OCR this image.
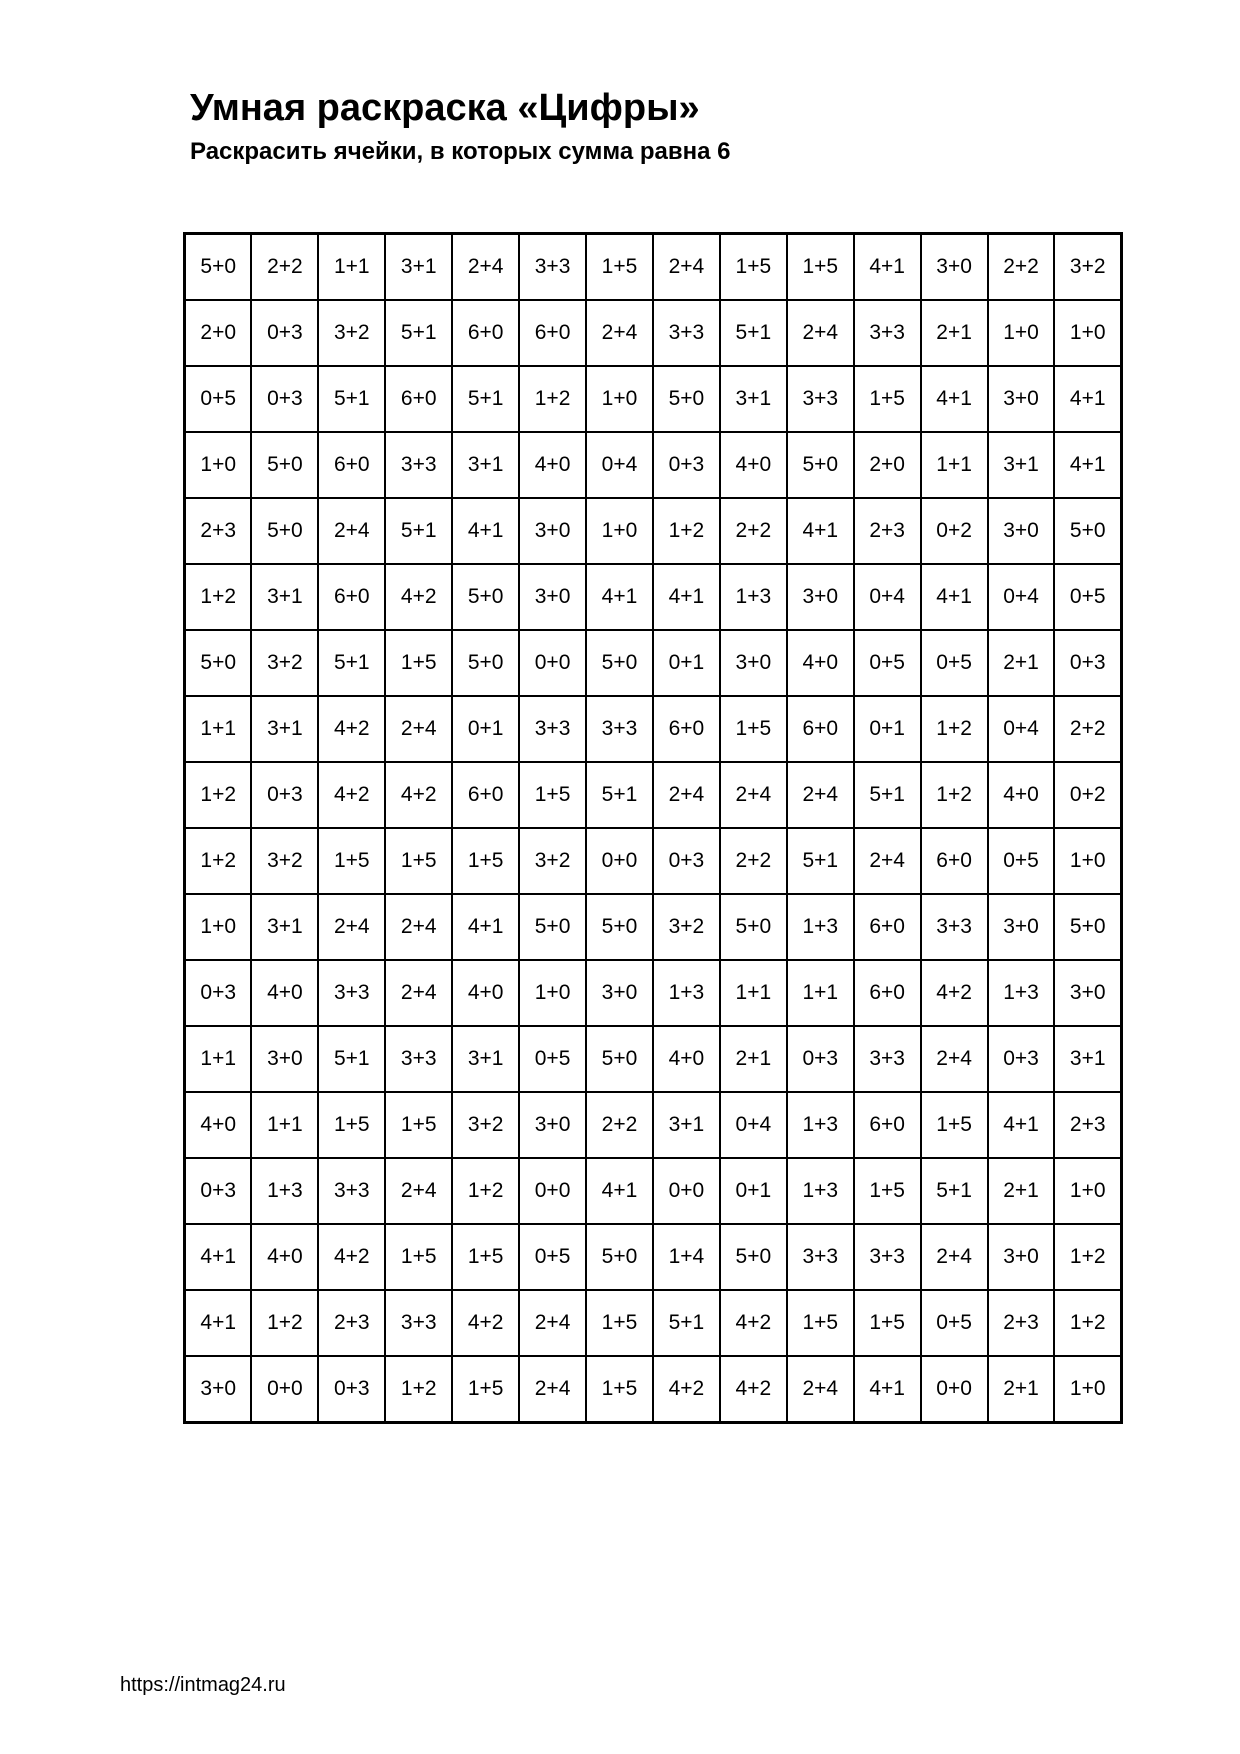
Умная раскраска «Цифры»
Раскрасить ячейки, в которых сумма равна 6
5+0	2+2	1+1	3+1	2+4	3+3	1+5	2+4	1+5	1+5	4+1	3+0	2+2	3+2
2+0	0+3	3+2	5+1	6+0	6+0	2+4	3+3	5+1	2+4	3+3	2+1	1+0	1+0
0+5	0+3	5+1	6+0	5+1	1+2	1+0	5+0	3+1	3+3	1+5	4+1	3+0	4+1
1+0	5+0	6+0	3+3	3+1	4+0	0+4	0+3	4+0	5+0	2+0	1+1	3+1	4+1
2+3	5+0	2+4	5+1	4+1	3+0	1+0	1+2	2+2	4+1	2+3	0+2	3+0	5+0
1+2	3+1	6+0	4+2	5+0	3+0	4+1	4+1	1+3	3+0	0+4	4+1	0+4	0+5
5+0	3+2	5+1	1+5	5+0	0+0	5+0	0+1	3+0	4+0	0+5	0+5	2+1	0+3
1+1	3+1	4+2	2+4	0+1	3+3	3+3	6+0	1+5	6+0	0+1	1+2	0+4	2+2
1+2	0+3	4+2	4+2	6+0	1+5	5+1	2+4	2+4	2+4	5+1	1+2	4+0	0+2
1+2	3+2	1+5	1+5	1+5	3+2	0+0	0+3	2+2	5+1	2+4	6+0	0+5	1+0
1+0	3+1	2+4	2+4	4+1	5+0	5+0	3+2	5+0	1+3	6+0	3+3	3+0	5+0
0+3	4+0	3+3	2+4	4+0	1+0	3+0	1+3	1+1	1+1	6+0	4+2	1+3	3+0
1+1	3+0	5+1	3+3	3+1	0+5	5+0	4+0	2+1	0+3	3+3	2+4	0+3	3+1
4+0	1+1	1+5	1+5	3+2	3+0	2+2	3+1	0+4	1+3	6+0	1+5	4+1	2+3
0+3	1+3	3+3	2+4	1+2	0+0	4+1	0+0	0+1	1+3	1+5	5+1	2+1	1+0
4+1	4+0	4+2	1+5	1+5	0+5	5+0	1+4	5+0	3+3	3+3	2+4	3+0	1+2
4+1	1+2	2+3	3+3	4+2	2+4	1+5	5+1	4+2	1+5	1+5	0+5	2+3	1+2
3+0	0+0	0+3	1+2	1+5	2+4	1+5	4+2	4+2	2+4	4+1	0+0	2+1	1+0
https://intmag24.ru
